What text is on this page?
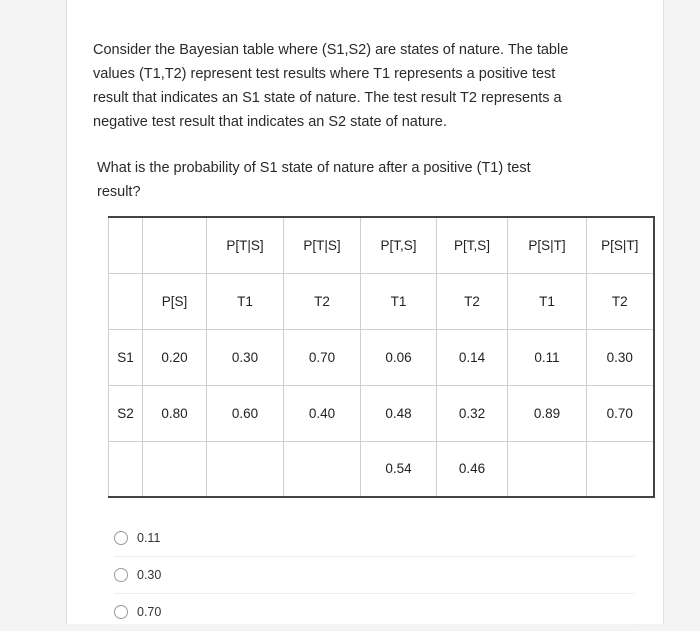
Consider the Bayesian table where (S1,S2) are states of nature. The table
values (T1,T2) represent test results where T1 represents a positive test
result that indicates an S1 state of nature. The test result T2 represents a
negative test result that indicates an S2 state of nature.
What is the probability of S1 state of nature after a positive (T1) test
result?
		P[T|S]	P[T|S]	P[T,S]	P[T,S]	P[S|T]	P[S|T]
	P[S]	T1	T2	T1	T2	T1	T2
S1	0.20	0.30	0.70	0.06	0.14	0.11	0.30
S2	0.80	0.60	0.40	0.48	0.32	0.89	0.70
				0.54	0.46		
0.11
0.30
0.70
